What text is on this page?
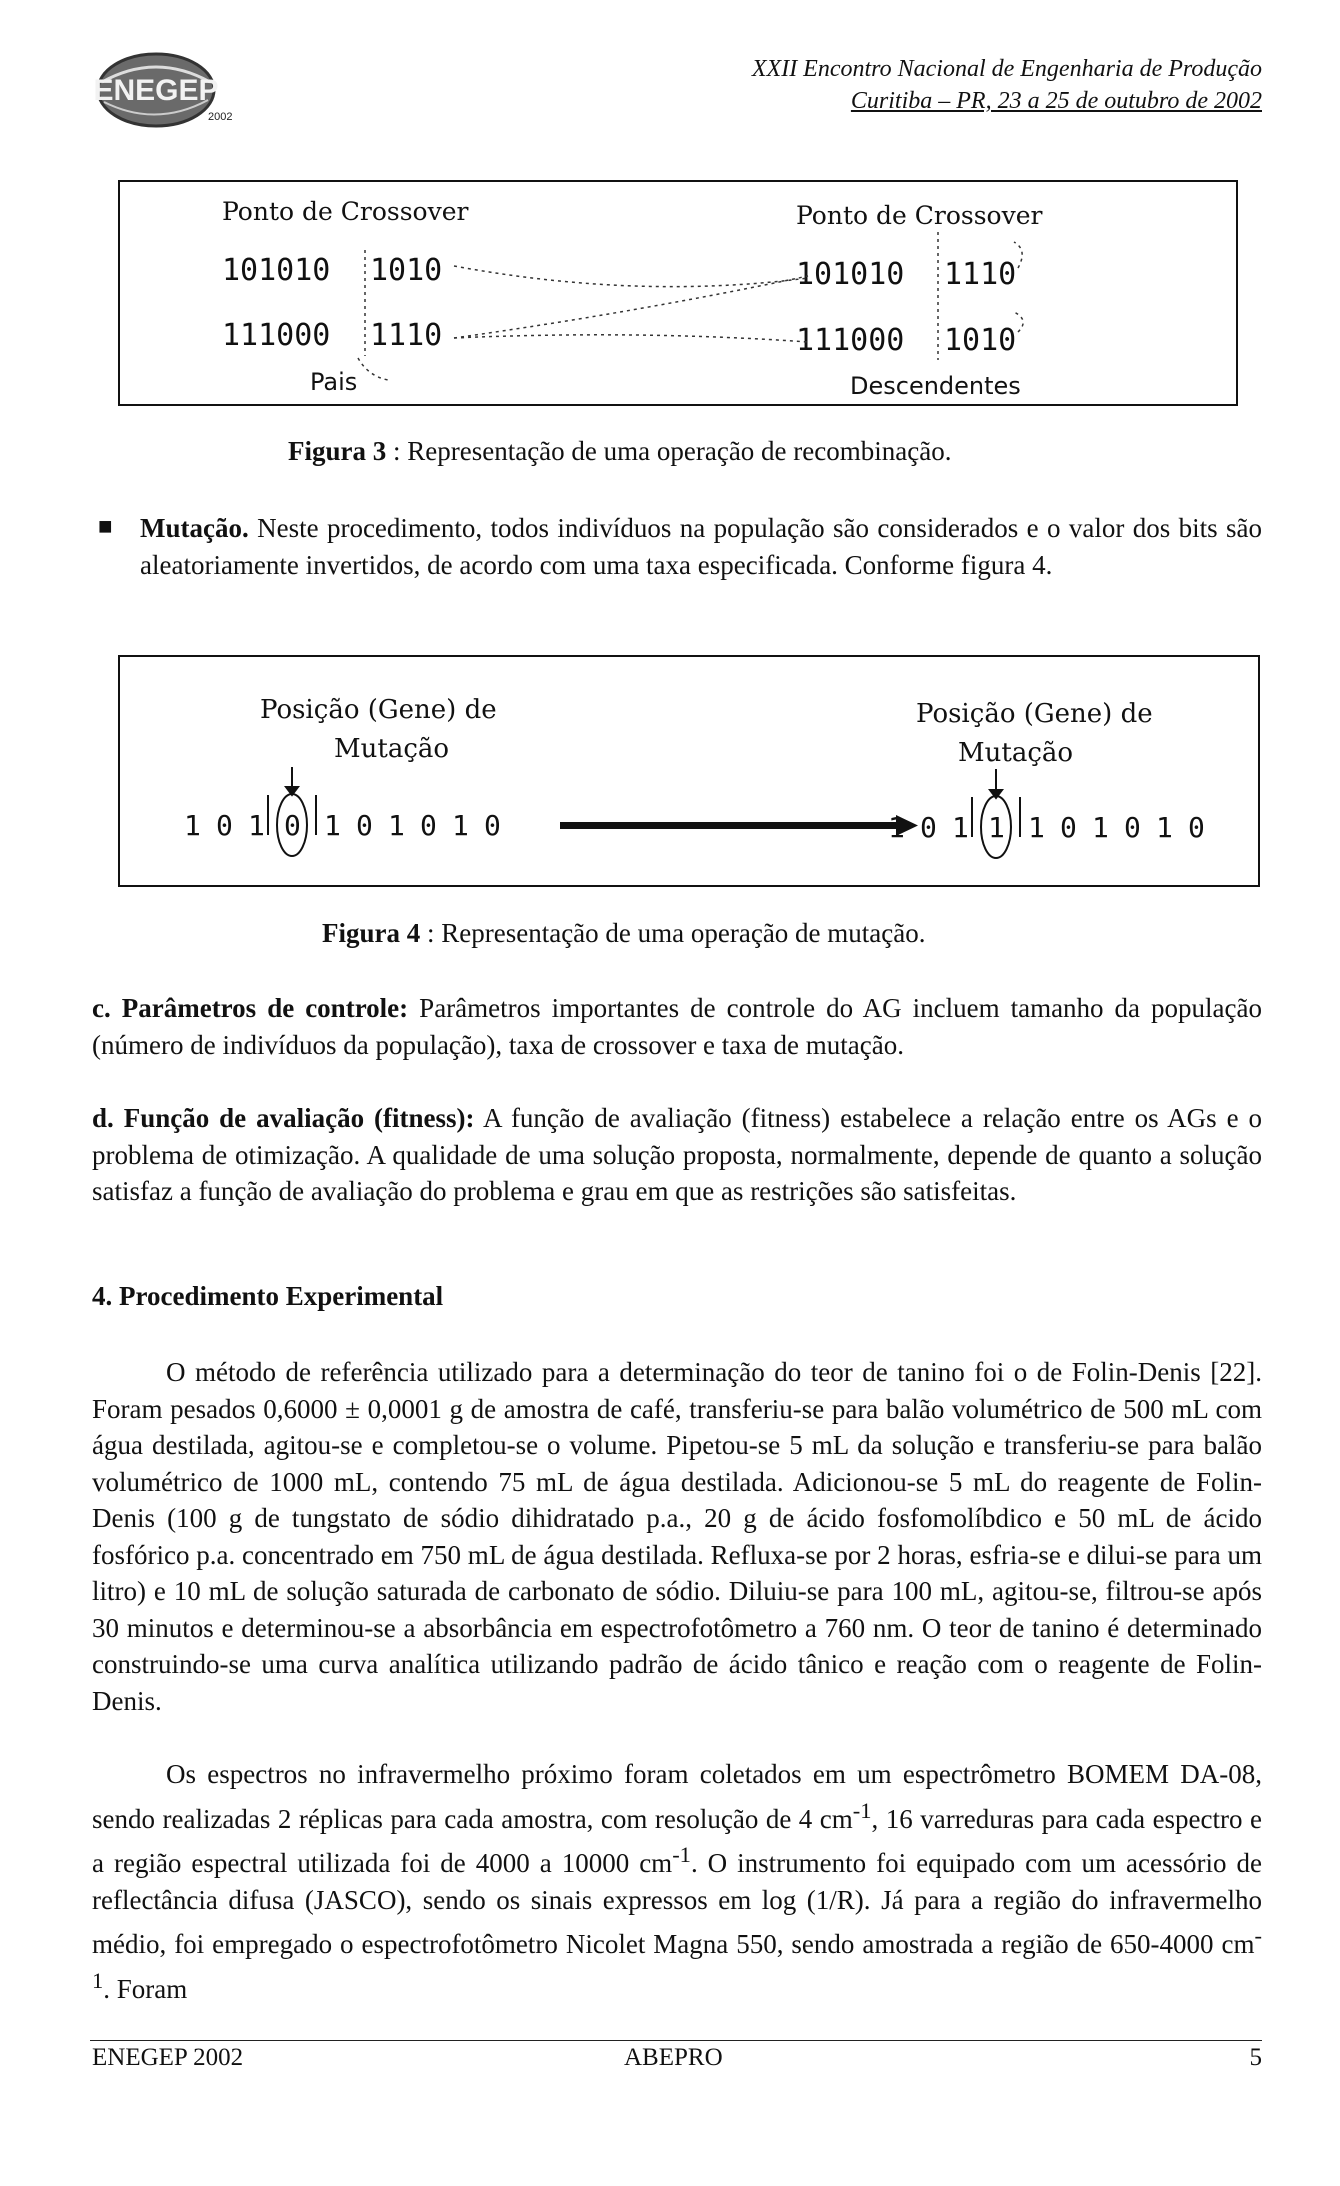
ENEGEP
2002
XXII Encontro Nacional de Engenharia de Produção
Curitiba – PR, 23 a 25 de outubro de 2002
Ponto de Crossover	Ponto de Crossover
101010 1010
111000 1110
101010 1110
111000 1010
Pais	Descendentes
Figura 3 : Representação de uma operação de recombinação.
■ Mutação. Neste procedimento, todos indivíduos na população são considerados e o valor dos bits são aleatoriamente invertidos, de acordo com uma taxa especificada. Conforme figura 4.
Posição (Gene) de
Mutação
Posição (Gene) de
Mutação
1 0 1 0 1 0 1 0 1 0	0 1 1 1 0 1 0 1 0
Figura 4 : Representação de uma operação de mutação.
c. Parâmetros de controle: Parâmetros importantes de controle do AG incluem tamanho da população (número de indivíduos da população), taxa de crossover e taxa de mutação.
d. Função de avaliação (fitness): A função de avaliação (fitness) estabelece a relação entre os AGs e o problema de otimização. A qualidade de uma solução proposta, normalmente, depende de quanto a solução satisfaz a função de avaliação do problema e grau em que as restrições são satisfeitas.
4. Procedimento Experimental
O método de referência utilizado para a determinação do teor de tanino foi o de Folin-Denis [22]. Foram pesados 0,6000 ± 0,0001 g de amostra de café, transferiu-se para balão volumétrico de 500 mL com água destilada, agitou-se e completou-se o volume. Pipetou-se 5 mL da solução e transferiu-se para balão volumétrico de 1000 mL, contendo 75 mL de água destilada. Adicionou-se 5 mL do reagente de Folin-Denis (100 g de tungstato de sódio dihidratado p.a., 20 g de ácido fosfomolíbdico e 50 mL de ácido fosfórico p.a. concentrado em 750 mL de água destilada. Refluxa-se por 2 horas, esfria-se e dilui-se para um litro) e 10 mL de solução saturada de carbonato de sódio. Diluiu-se para 100 mL, agitou-se, filtrou-se após 30 minutos e determinou-se a absorbância em espectrofotômetro a 760 nm. O teor de tanino é determinado construindo-se uma curva analítica utilizando padrão de ácido tânico e reação com o reagente de Folin-Denis.
Os espectros no infravermelho próximo foram coletados em um espectrômetro BOMEM DA-08, sendo realizadas 2 réplicas para cada amostra, com resolução de 4 $cm^{-1}$, 16 varreduras para cada espectro e a região espectral utilizada foi de 4000 a 10000 $cm^{-1}$. O instrumento foi equipado com um acessório de reflectância difusa (JASCO), sendo os sinais expressos em log (1/R). Já para a região do infravermelho médio, foi empregado o espectrofotômetro Nicolet Magna 550, sendo amostrada a região de 650-4000 $cm^{-1}$. Foram
ENEGEP 2002	ABEPRO	5
